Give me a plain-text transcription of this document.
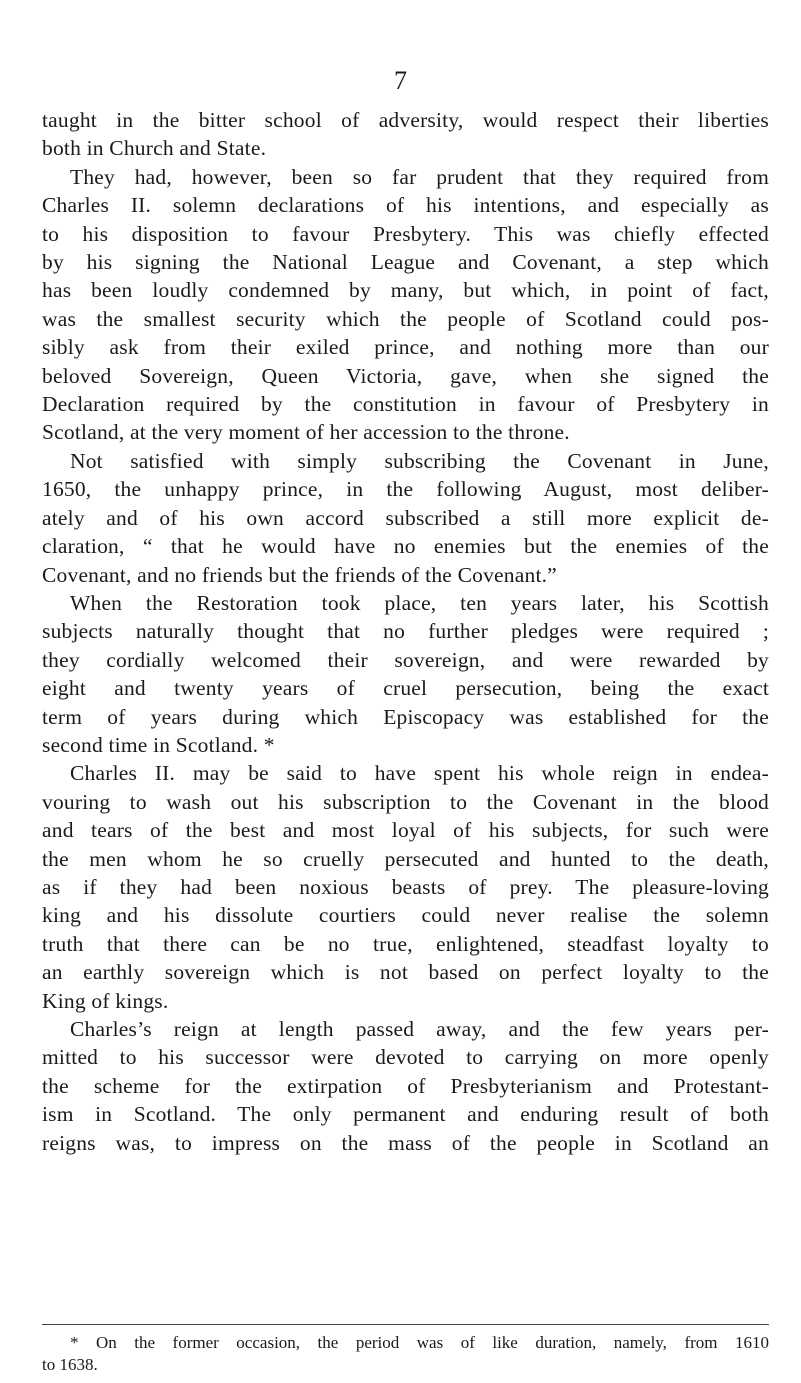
7

taught in the bitter school of adversity, would respect their liberties
both in Church and State.

They had, however, been so far prudent that they required from
Charles II. solemn declarations of his intentions, and especially as
to his disposition to favour Presbytery. This was chiefly effected
by his signing the National League and Covenant, a step which
has been loudly condemned by many, but which, in point of fact,
was the smallest security which the people of Scotland could pos-
sibly ask from their exiled prince, and nothing more than our
beloved Sovereign, Queen Victoria, gave, when she signed the
Declaration required by the constitution in favour of Presbytery in
Scotland, at the very moment of her accession to the throne.

Not satisfied with simply subscribing the Covenant in June,
1650, the unhappy prince, in the following August, most deliber-
ately and of his own accord subscribed a still more explicit de-
claration, “ that he would have no enemies but the enemies of the
Covenant, and no friends but the friends of the Covenant.”

When the Restoration took place, ten years later, his Scottish
subjects naturally thought that no further pledges were required ;
they cordially welcomed their sovereign, and were rewarded by
eight and twenty years of cruel persecution, being the exact
term of years during which Episcopacy was established for the
second time in Scotland. *

Charles II. may be said to have spent his whole reign in endea-
vouring to wash out his subscription to the Covenant in the blood
and tears of the best and most loyal of his subjects, for such were
the men whom he so cruelly persecuted and hunted to the death,
as if they had been noxious beasts of prey. The pleasure-loving
king and his dissolute courtiers could never realise the solemn
truth that there can be no true, enlightened, steadfast loyalty to
an earthly sovereign which is not based on perfect loyalty to the
King of kings.

Charles’s reign at length passed away, and the few years per-
mitted to his successor were devoted to carrying on more openly
the scheme for the extirpation of Presbyterianism and Protestant-
ism in Scotland. The only permanent and enduring result of both
reigns was, to impress on the mass of the people in Scotland an

* On the former occasion, the period was of like duration, namely, from 1610
to 1638.
